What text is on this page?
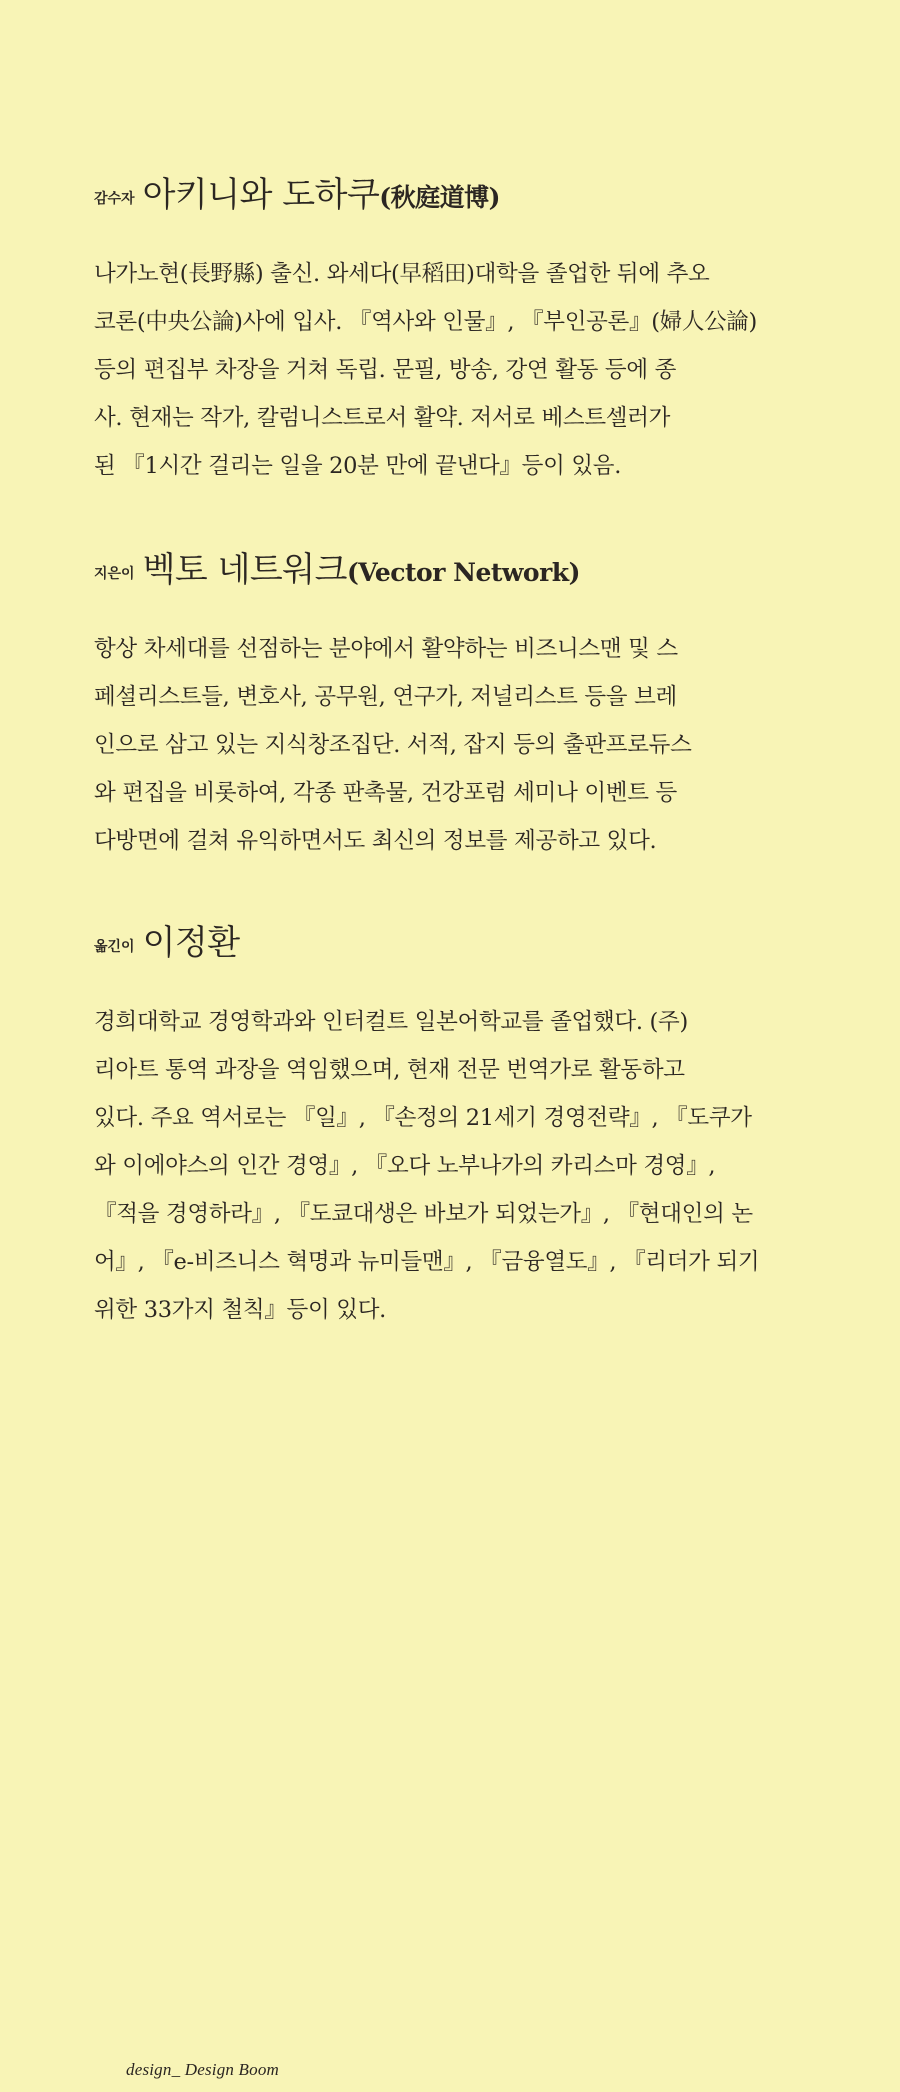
감수자 아키니와 도하쿠(秋庭道博)
나가노현(長野縣) 출신. 와세다(早稻田)대학을 졸업한 뒤에 추오
코론(中央公論)사에 입사. 『역사와 인물』, 『부인공론』(婦人公論)
등의 편집부 차장을 거쳐 독립. 문필, 방송, 강연 활동 등에 종
사. 현재는 작가, 칼럼니스트로서 활약. 저서로 베스트셀러가
된 『1시간 걸리는 일을 20분 만에 끝낸다』등이 있음.
지은이 벡토 네트워크(Vector Network)
항상 차세대를 선점하는 분야에서 활약하는 비즈니스맨 및 스
페셜리스트들, 변호사, 공무원, 연구가, 저널리스트 등을 브레
인으로 삼고 있는 지식창조집단. 서적, 잡지 등의 출판프로듀스
와 편집을 비롯하여, 각종 판촉물, 건강포럼 세미나 이벤트 등
다방면에 걸쳐 유익하면서도 최신의 정보를 제공하고 있다.
옮긴이 이정환
경희대학교 경영학과와 인터컬트 일본어학교를 졸업했다. (주)
리아트 통역 과장을 역임했으며, 현재 전문 번역가로 활동하고
있다. 주요 역서로는 『일』, 『손정의 21세기 경영전략』, 『도쿠가
와 이에야스의 인간 경영』, 『오다 노부나가의 카리스마 경영』,
『적을 경영하라』, 『도쿄대생은 바보가 되었는가』, 『현대인의 논
어』, 『e-비즈니스 혁명과 뉴미들맨』, 『금융열도』, 『리더가 되기
위한 33가지 철칙』등이 있다.
design_ Design Boom
